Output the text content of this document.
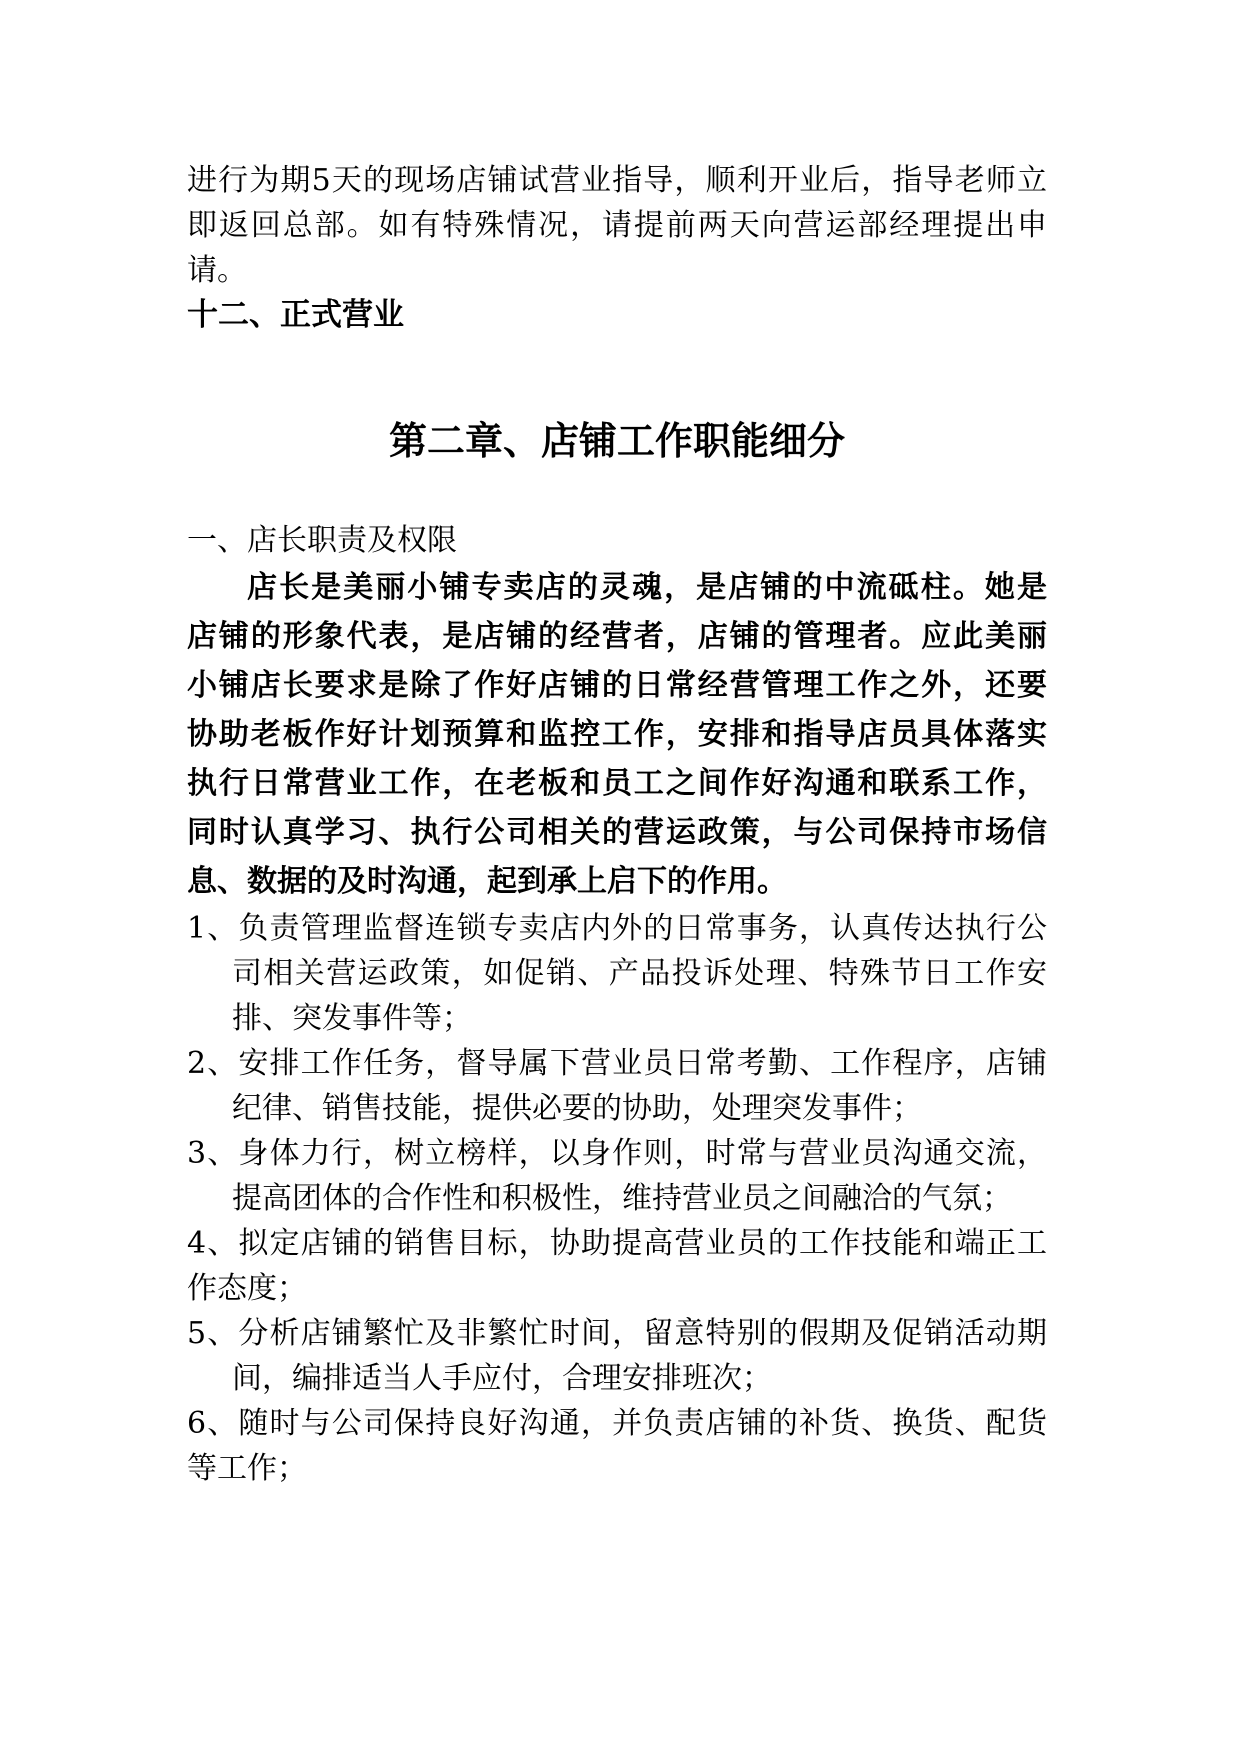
进行为期5天的现场店铺试营业指导，顺利开业后，指导老师立

即返回总部。如有特殊情况，请提前两天向营运部经理提出申

请。

十二、正式营业

第二章、店铺工作职能细分

一、店长职责及权限

店长是美丽小铺专卖店的灵魂，是店铺的中流砥柱。她是

店铺的形象代表，是店铺的经营者，店铺的管理者。应此美丽

小铺店长要求是除了作好店铺的日常经营管理工作之外，还要

协助老板作好计划预算和监控工作，安排和指导店员具体落实

执行日常营业工作，在老板和员工之间作好沟通和联系工作，

同时认真学习、执行公司相关的营运政策，与公司保持市场信

息、数据的及时沟通，起到承上启下的作用。

1、负责管理监督连锁专卖店内外的日常事务，认真传达执行公

司相关营运政策，如促销、产品投诉处理、特殊节日工作安

排、突发事件等；

2、安排工作任务，督导属下营业员日常考勤、工作程序，店铺

纪律、销售技能，提供必要的协助，处理突发事件；

3、身体力行，树立榜样，以身作则，时常与营业员沟通交流，

提高团体的合作性和积极性，维持营业员之间融洽的气氛；

4、拟定店铺的销售目标，协助提高营业员的工作技能和端正工

作态度；

5、分析店铺繁忙及非繁忙时间，留意特别的假期及促销活动期

间，编排适当人手应付，合理安排班次；

6、随时与公司保持良好沟通，并负责店铺的补货、换货、配货

等工作；
